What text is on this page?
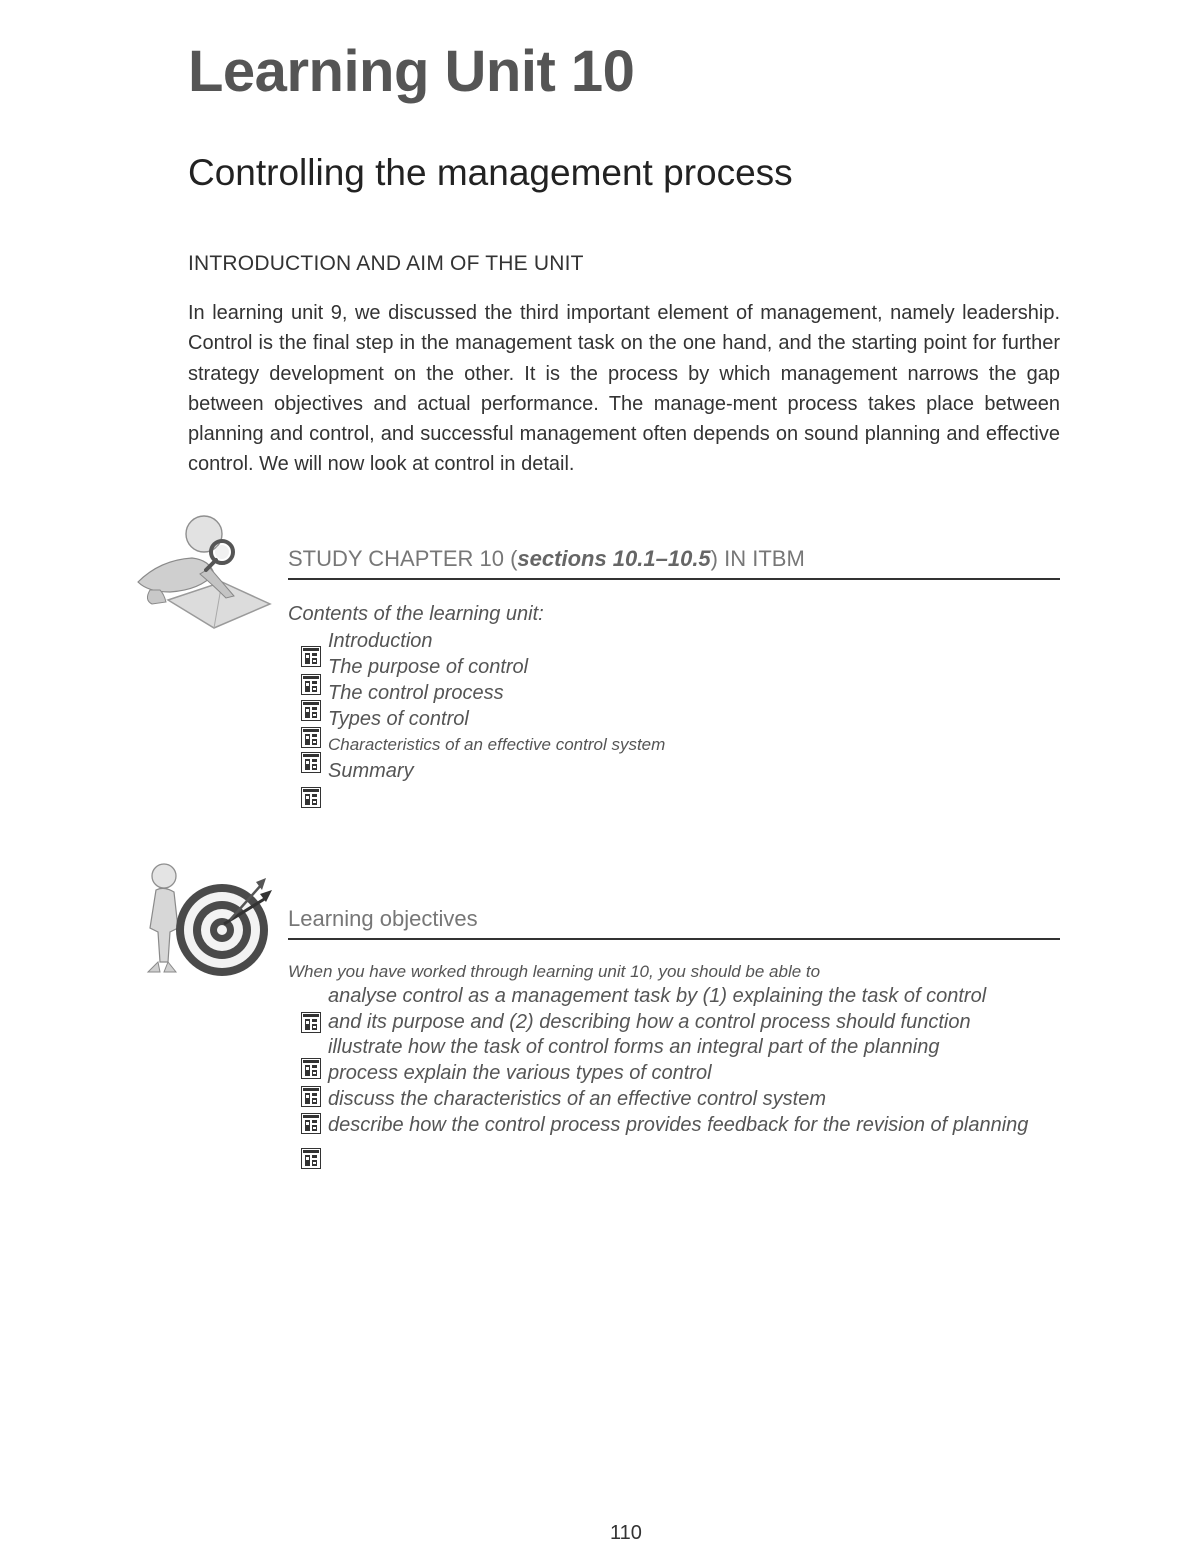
Learning Unit 10
Controlling the management process
INTRODUCTION AND AIM OF THE UNIT

In learning unit 9, we discussed the third important element of management, namely leadership. Control is the final step in the management task on the one hand, and the starting point for further strategy development on the other. It is the process by which management narrows the gap between objectives and actual performance. The manage-ment process takes place between planning and control, and successful management often depends on sound planning and effective control. We will now look at control in detail.

STUDY CHAPTER 10 (sections 10.1–10.5) IN ITBM

Contents of the learning unit:

Introduction
The purpose of control
The control process
Types of control
Characteristics of an effective control system
Summary
Learning objectives

When you have worked through learning unit 10, you should be able to

analyse control as a management task by (1) explaining the task of control
and its purpose and (2) describing how a control process should function
illustrate how the task of control forms an integral part of the planning
process explain the various types of control
discuss the characteristics of an effective control system
describe how the control process provides feedback for the revision of planning
110
